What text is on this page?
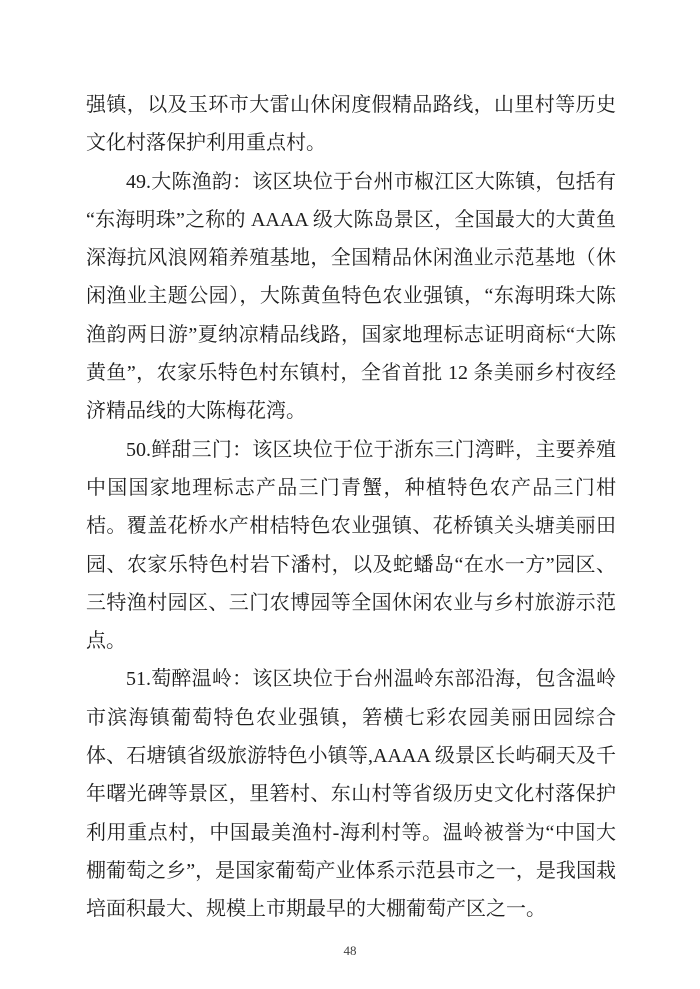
强镇，以及玉环市大雷山休闲度假精品路线，山里村等历史文化村落保护利用重点村。

49.大陈渔韵：该区块位于台州市椒江区大陈镇，包括有“东海明珠”之称的 AAAA 级大陈岛景区，全国最大的大黄鱼深海抗风浪网箱养殖基地，全国精品休闲渔业示范基地（休闲渔业主题公园），大陈黄鱼特色农业强镇，“东海明珠大陈渔韵两日游”夏纳凉精品线路，国家地理标志证明商标“大陈黄鱼”，农家乐特色村东镇村，全省首批 12 条美丽乡村夜经济精品线的大陈梅花湾。

50.鲜甜三门：该区块位于位于浙东三门湾畔，主要养殖中国国家地理标志产品三门青蟹，种植特色农产品三门柑桔。覆盖花桥水产柑桔特色农业强镇、花桥镇关头塘美丽田园、农家乐特色村岩下潘村，以及蛇蟠岛“在水一方”园区、三特渔村园区、三门农博园等全国休闲农业与乡村旅游示范点。

51.萄醉温岭：该区块位于台州温岭东部沿海，包含温岭市滨海镇葡萄特色农业强镇，箬横七彩农园美丽田园综合体、石塘镇省级旅游特色小镇等,AAAA 级景区长屿硐天及千年曙光碑等景区，里箬村、东山村等省级历史文化村落保护利用重点村，中国最美渔村-海利村等。温岭被誉为“中国大棚葡萄之乡”，是国家葡萄产业体系示范县市之一，是我国栽培面积最大、规模上市期最早的大棚葡萄产区之一。

48
